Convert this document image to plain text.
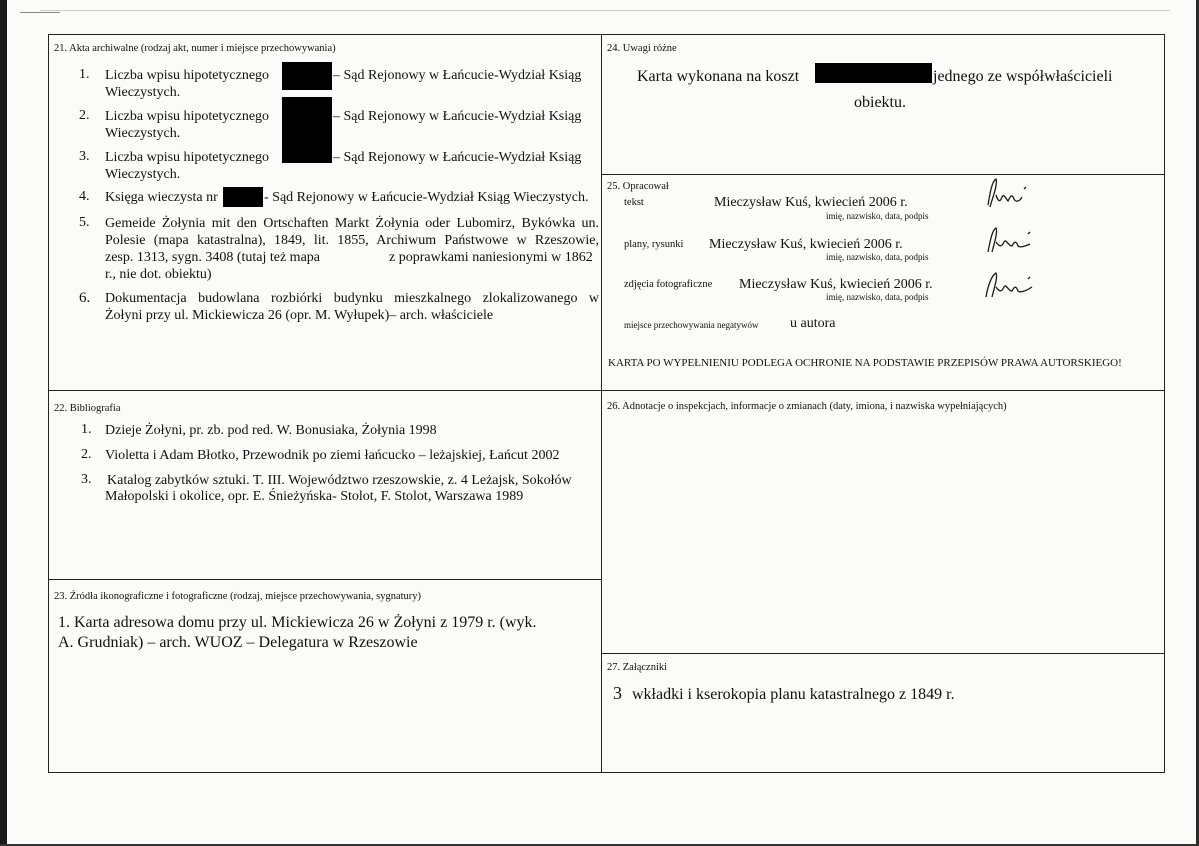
21. Akta archiwalne (rodzaj akt, numer i miejsce przechowywania)
1. Liczba wpisu hipotetycznego	– Sąd Rejonowy w Łańcucie-Wydział Ksiąg
Wieczystych.
2. Liczba wpisu hipotetycznego	– Sąd Rejonowy w Łańcucie-Wydział Ksiąg
Wieczystych.
3. Liczba wpisu hipotetycznego	– Sąd Rejonowy w Łańcucie-Wydział Ksiąg
Wieczystych.
4. Księga wieczysta nr	- Sąd Rejonowy w Łańcucie-Wydział Ksiąg Wieczystych.
5. Gemeide Żołynia mit den Ortschaften Markt Żołynia oder Lubomirz, Bykówka un.
Polesie (mapa katastralna), 1849, lit. 1855, Archiwum Państwowe w Rzeszowie,
zesp. 1313, sygn. 3408 (tutaj też mapa	z poprawkami naniesionymi w 1862
r., nie dot. obiektu)
6. Dokumentacja budowlana rozbiórki budynku mieszkalnego zlokalizowanego w
Żołyni przy ul. Mickiewicza 26 (opr. M. Wyłupek)– arch. właściciele
24. Uwagi różne
Karta wykonana na koszt	jednego ze współwłaścicieli
obiektu.
25. Opracował
tekst	Mieczysław Kuś, kwiecień 2006 r.
imię, nazwisko, data, podpis
plany, rysunki Mieczysław Kuś, kwiecień 2006 r.
imię, nazwisko, data, podpis
zdjęcia fotograficzne Mieczysław Kuś, kwiecień 2006 r.
imię, nazwisko, data, podpis
miejsce przechowywania negatywów u autora
KARTA PO WYPEŁNIENIU PODLEGA OCHRONIE NA PODSTAWIE PRZEPISÓW PRAWA AUTORSKIEGO!
22. Bibliografia
1. Dzieje Żołyni, pr. zb. pod red. W. Bonusiaka, Żołynia 1998
2. Violetta i Adam Błotko, Przewodnik po ziemi łańcucko – leżajskiej, Łańcut 2002
3. Katalog zabytków sztuki. T. III. Województwo rzeszowskie, z. 4 Leżajsk, Sokołów
Małopolski i okolice, opr. E. Śnieżyńska- Stolot, F. Stolot, Warszawa 1989
26. Adnotacje o inspekcjach, informacje o zmianach (daty, imiona, i nazwiska wypełniających)
23. Źródła ikonograficzne i fotograficzne (rodzaj, miejsce przechowywania, sygnatury)
1. Karta adresowa domu przy ul. Mickiewicza 26 w Żołyni z 1979 r. (wyk.
A. Grudniak) – arch. WUOZ – Delegatura w Rzeszowie
27. Załączniki
3 wkładki i kserokopia planu katastralnego z 1849 r.
